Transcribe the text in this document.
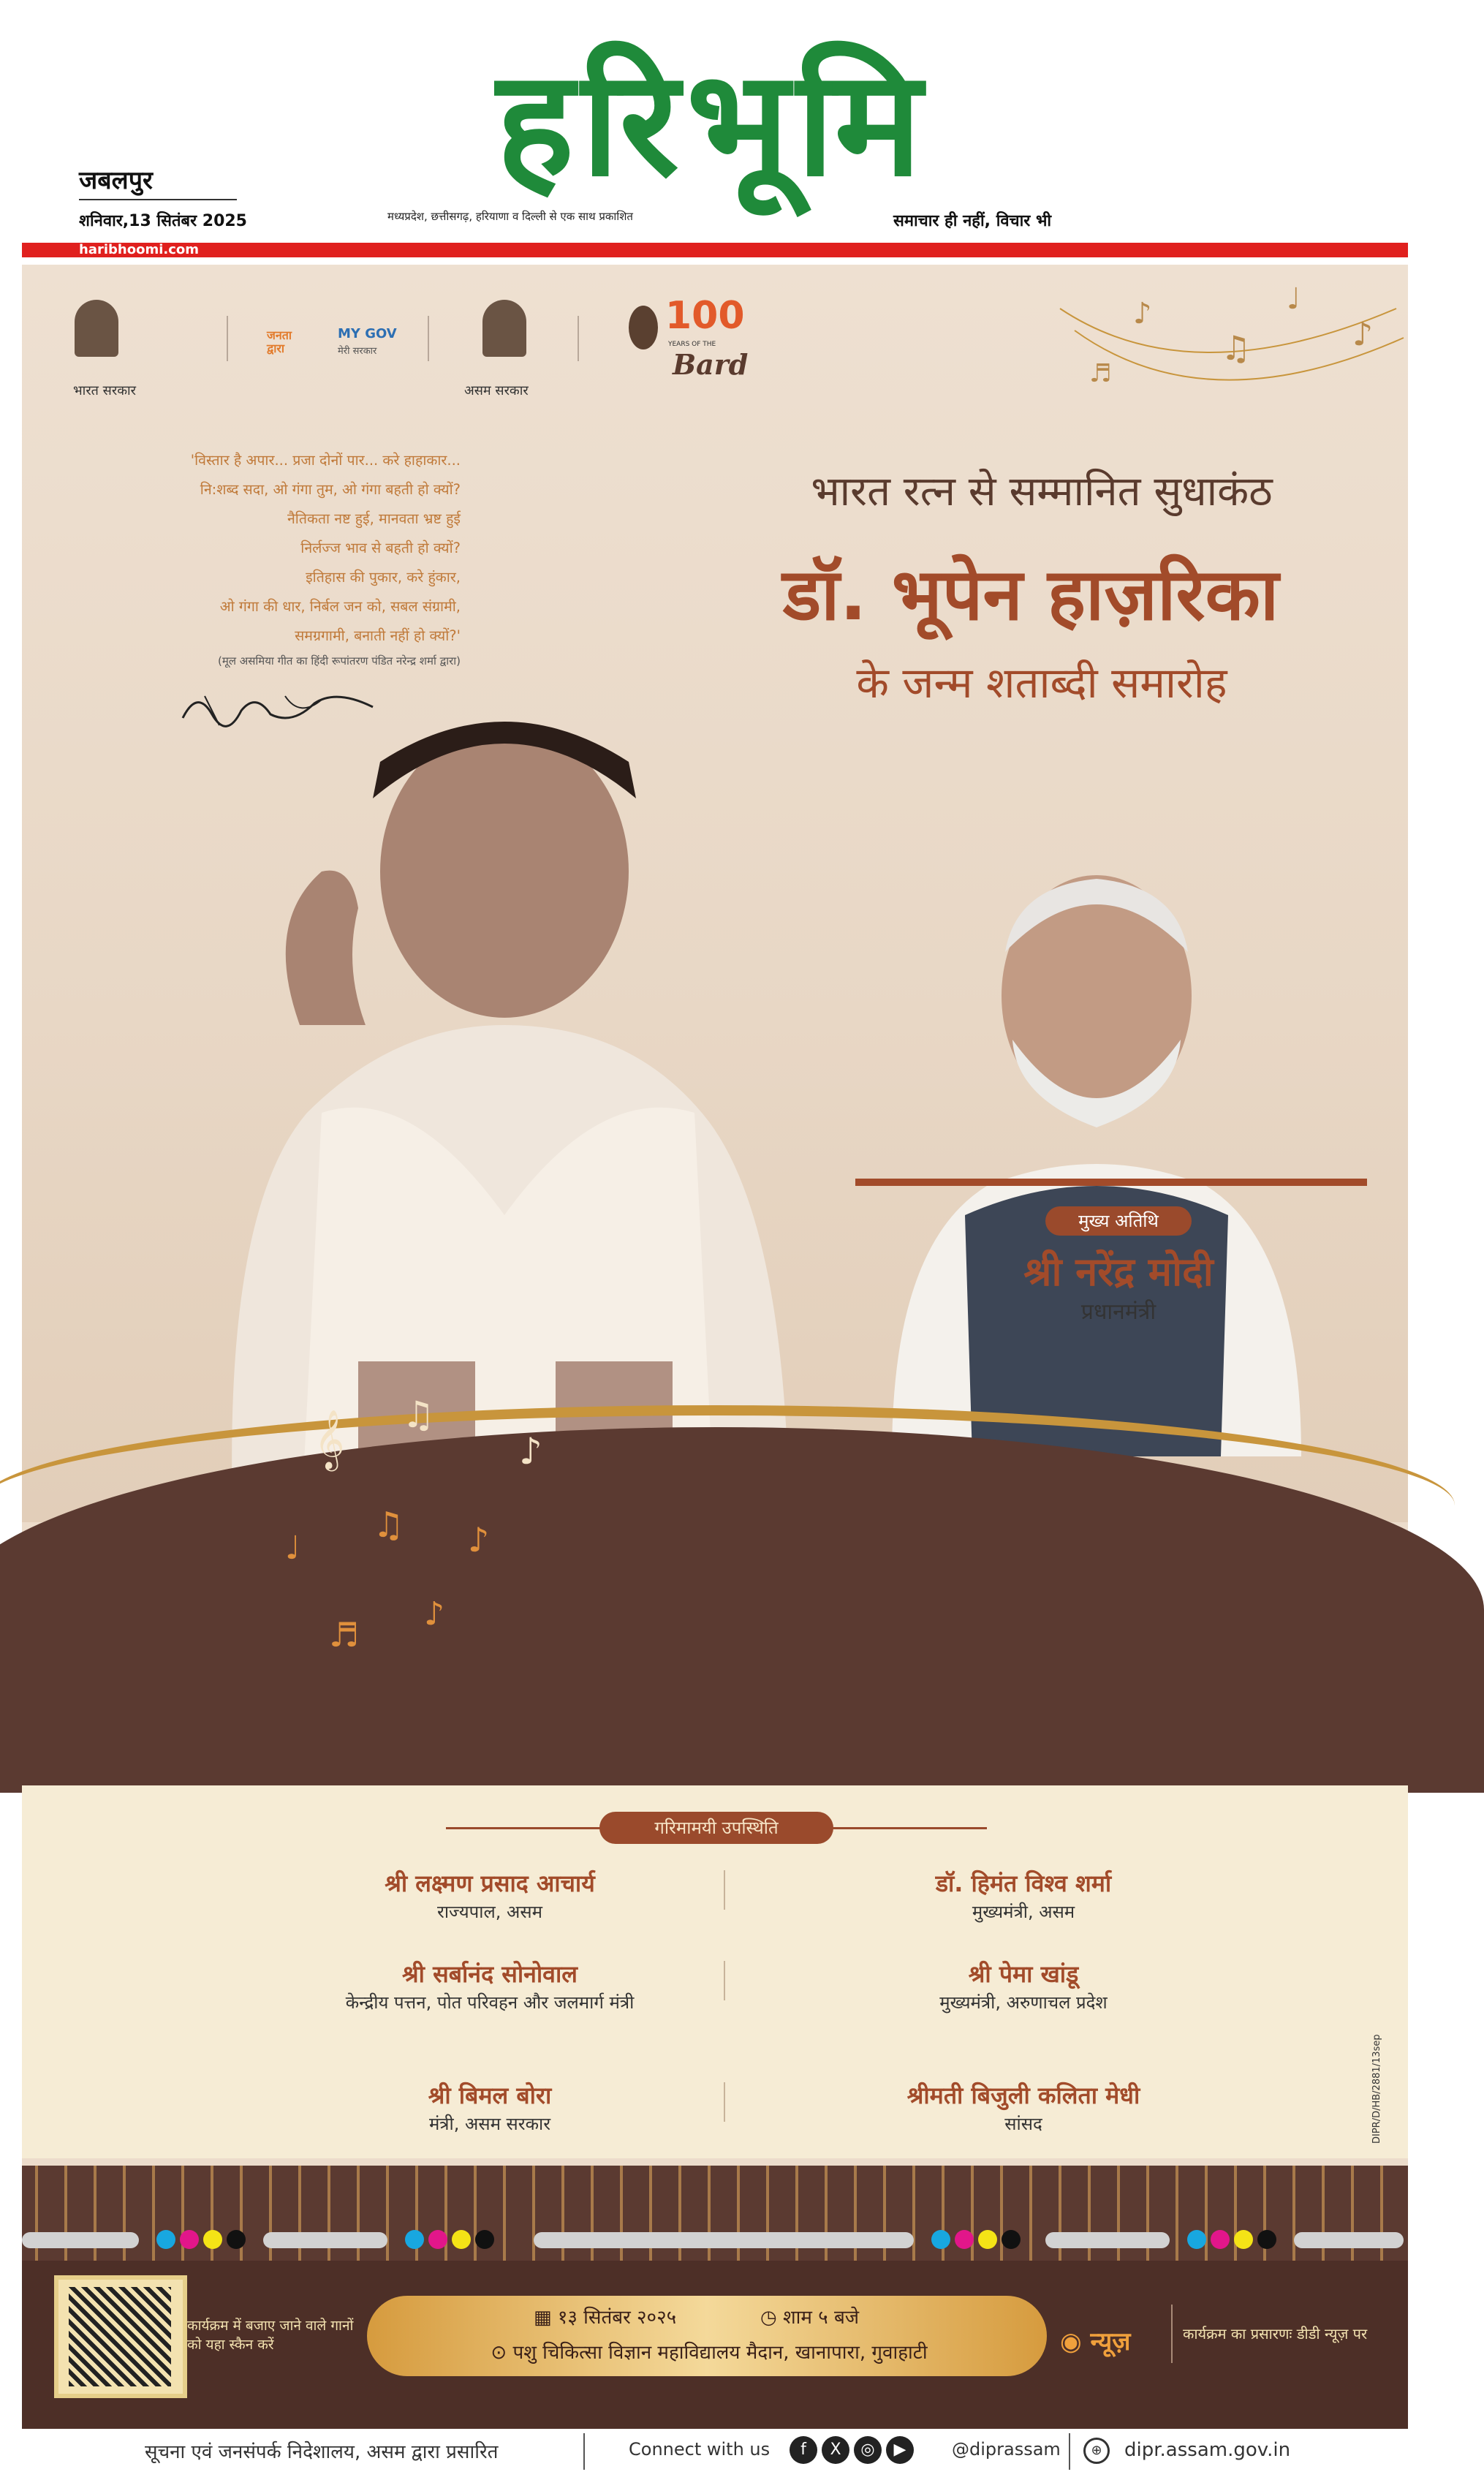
जबलपुर
शनिवार,13 सितंबर 2025
हरिभूमि
मध्यप्रदेश, छत्तीसगढ़, हरियाणा व दिल्ली से एक साथ प्रकाशित	समाचार ही नहीं, विचार भी
haribhoomi.com
♪
♫
♩
♪
♬
भारत सरकार
जनता
द्वारा
MY GOV
मेरी सरकार
असम सरकार
100
YEARS OF THE
Bard
'विस्तार है अपार... प्रजा दोनों पार... करे हाहाकार...
नि:शब्द सदा, ओ गंगा तुम, ओ गंगा बहती हो क्यों?
नैतिकता नष्ट हुई, मानवता भ्रष्ट हुई
निर्लज्ज भाव से बहती हो क्यों?
इतिहास की पुकार, करे हुंकार,
ओ गंगा की धार, निर्बल जन को, सबल संग्रामी,
समग्रगामी, बनाती नहीं हो क्यों?'
(मूल असमिया गीत का हिंदी रूपांतरण पंडित नरेन्द्र शर्मा द्वारा)
भारत रत्न से सम्मानित सुधाकंठ
डॉ. भूपेन हाज़रिका
के जन्म शताब्दी समारोह
मुख्य अतिथि
श्री नरेंद्र मोदी
प्रधानमंत्री
𝄞 ♫
♪
♩
♫ ♪
♬
♪
गरिमामयी उपस्थिति
श्री लक्ष्मण प्रसाद आचार्य
राज्यपाल, असम
डॉ. हिमंत विश्व शर्मा
मुख्यमंत्री, असम
श्री सर्बानंद सोनोवाल
केन्द्रीय पत्तन, पोत परिवहन और जलमार्ग मंत्री
श्री पेमा खांडू
मुख्यमंत्री, अरुणाचल प्रदेश
श्री बिमल बोरा
मंत्री, असम सरकार
श्रीमती बिजुली कलिता मेधी
सांसद	DIPR/D/HB/2881/13sep
कार्यक्रम में बजाए जाने वाले गानों को यहा स्कैन करें
▦ १३ सितंबर २०२५	◷ शाम ५ बजे
⊙ पशु चिकित्सा विज्ञान महाविद्यालय मैदान, खानापारा, गुवाहाटी	◉ न्यूज़	कार्यक्रम का प्रसारणः डीडी न्यूज़ पर
सूचना एवं जनसंपर्क निदेशालय, असम द्वारा प्रसारित	Connect with us	f	X	◎	▶	@diprassam	⊕	dipr.assam.gov.in
